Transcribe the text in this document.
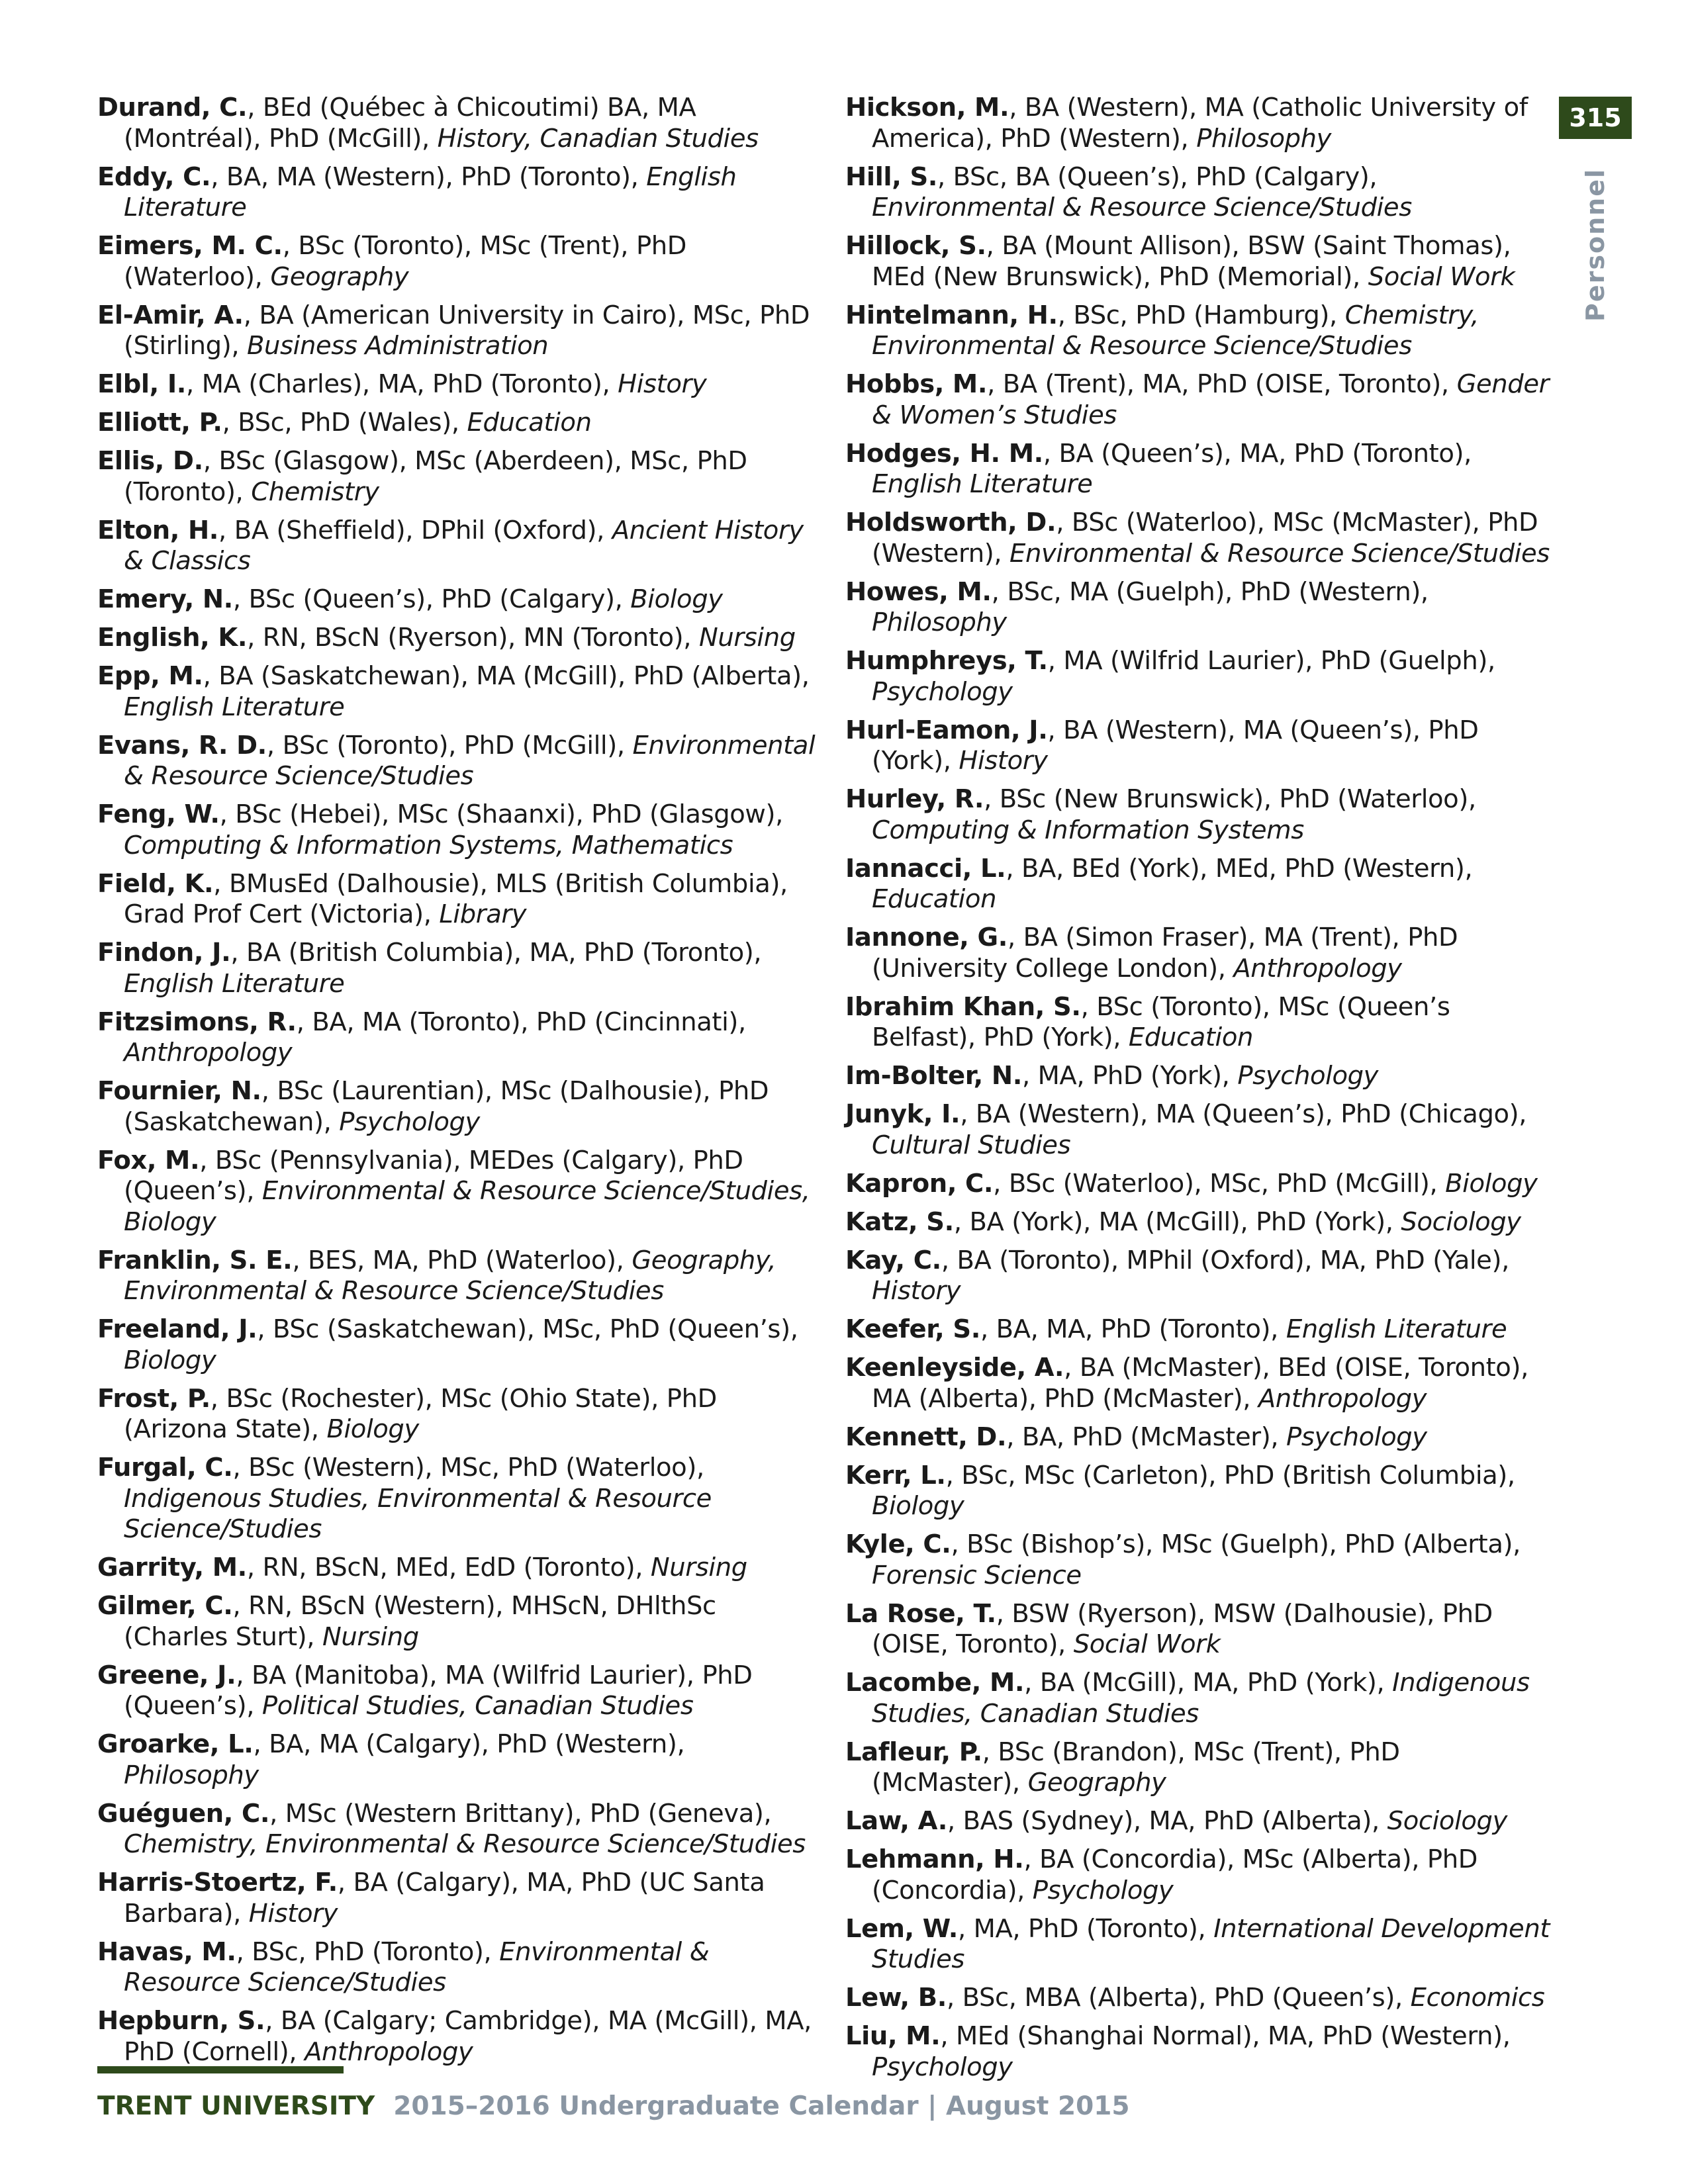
Durand, C., BEd (Québec à Chicoutimi) BA, MA (Montréal), PhD (McGill), History, Canadian Studies
Eddy, C., BA, MA (Western), PhD (Toronto), English Literature
Eimers, M. C., BSc (Toronto), MSc (Trent), PhD (Waterloo), Geography
El-Amir, A., BA (American University in Cairo), MSc, PhD (Stirling), Business Administration
Elbl, I., MA (Charles), MA, PhD (Toronto), History
Elliott, P., BSc, PhD (Wales), Education
Ellis, D., BSc (Glasgow), MSc (Aberdeen), MSc, PhD (Toronto), Chemistry
Elton, H., BA (Sheffield), DPhil (Oxford), Ancient History & Classics
Emery, N., BSc (Queen’s), PhD (Calgary), Biology
English, K., RN, BScN (Ryerson), MN (Toronto), Nursing
Epp, M., BA (Saskatchewan), MA (McGill), PhD (Alberta), English Literature
Evans, R. D., BSc (Toronto), PhD (McGill), Environmental & Resource Science/Studies
Feng, W., BSc (Hebei), MSc (Shaanxi), PhD (Glasgow), Computing & Information Systems, Mathematics
Field, K., BMusEd (Dalhousie), MLS (British Columbia), Grad Prof Cert (Victoria), Library
Findon, J., BA (British Columbia), MA, PhD (Toronto), English Literature
Fitzsimons, R., BA, MA (Toronto), PhD (Cincinnati), Anthropology
Fournier, N., BSc (Laurentian), MSc (Dalhousie), PhD (Saskatchewan), Psychology
Fox, M., BSc (Pennsylvania), MEDes (Calgary), PhD (Queen’s), Environmental & Resource Science/Studies, Biology
Franklin, S. E., BES, MA, PhD (Waterloo), Geography, Environmental & Resource Science/Studies
Freeland, J., BSc (Saskatchewan), MSc, PhD (Queen’s), Biology
Frost, P., BSc (Rochester), MSc (Ohio State), PhD (Arizona State), Biology
Furgal, C., BSc (Western), MSc, PhD (Waterloo), Indigenous Studies, Environmental & Resource Science/Studies
Garrity, M., RN, BScN, MEd, EdD (Toronto), Nursing
Gilmer, C., RN, BScN (Western), MHScN, DHlthSc (Charles Sturt), Nursing
Greene, J., BA (Manitoba), MA (Wilfrid Laurier), PhD (Queen’s), Political Studies, Canadian Studies
Groarke, L., BA, MA (Calgary), PhD (Western), Philosophy
Guéguen, C., MSc (Western Brittany), PhD (Geneva), Chemistry, Environmental & Resource Science/Studies
Harris-Stoertz, F., BA (Calgary), MA, PhD (UC Santa Barbara), History
Havas, M., BSc, PhD (Toronto), Environmental & Resource Science/Studies
Hepburn, S., BA (Calgary; Cambridge), MA (McGill), MA, PhD (Cornell), Anthropology
Hickson, M., BA (Western), MA (Catholic University of America), PhD (Western), Philosophy
Hill, S., BSc, BA (Queen’s), PhD (Calgary), Environmental & Resource Science/Studies
Hillock, S., BA (Mount Allison), BSW (Saint Thomas), MEd (New Brunswick), PhD (Memorial), Social Work
Hintelmann, H., BSc, PhD (Hamburg), Chemistry, Environmental & Resource Science/Studies
Hobbs, M., BA (Trent), MA, PhD (OISE, Toronto), Gender & Women’s Studies
Hodges, H. M., BA (Queen’s), MA, PhD (Toronto), English Literature
Holdsworth, D., BSc (Waterloo), MSc (McMaster), PhD (Western), Environmental & Resource Science/Studies
Howes, M., BSc, MA (Guelph), PhD (Western), Philosophy
Humphreys, T., MA (Wilfrid Laurier), PhD (Guelph), Psychology
Hurl-Eamon, J., BA (Western), MA (Queen’s), PhD (York), History
Hurley, R., BSc (New Brunswick), PhD (Waterloo), Computing & Information Systems
Iannacci, L., BA, BEd (York), MEd, PhD (Western), Education
Iannone, G., BA (Simon Fraser), MA (Trent), PhD (University College London), Anthropology
Ibrahim Khan, S., BSc (Toronto), MSc (Queen’s Belfast), PhD (York), Education
Im-Bolter, N., MA, PhD (York), Psychology
Junyk, I., BA (Western), MA (Queen’s), PhD (Chicago), Cultural Studies
Kapron, C., BSc (Waterloo), MSc, PhD (McGill), Biology
Katz, S., BA (York), MA (McGill), PhD (York), Sociology
Kay, C., BA (Toronto), MPhil (Oxford), MA, PhD (Yale), History
Keefer, S., BA, MA, PhD (Toronto), English Literature
Keenleyside, A., BA (McMaster), BEd (OISE, Toronto), MA (Alberta), PhD (McMaster), Anthropology
Kennett, D., BA, PhD (McMaster), Psychology
Kerr, L., BSc, MSc (Carleton), PhD (British Columbia), Biology
Kyle, C., BSc (Bishop’s), MSc (Guelph), PhD (Alberta), Forensic Science
La Rose, T., BSW (Ryerson), MSW (Dalhousie), PhD (OISE, Toronto), Social Work
Lacombe, M., BA (McGill), MA, PhD (York), Indigenous Studies, Canadian Studies
Lafleur, P., BSc (Brandon), MSc (Trent), PhD (McMaster), Geography
Law, A., BAS (Sydney), MA, PhD (Alberta), Sociology
Lehmann, H., BA (Concordia), MSc (Alberta), PhD (Concordia), Psychology
Lem, W., MA, PhD (Toronto), International Development Studies
Lew, B., BSc, MBA (Alberta), PhD (Queen’s), Economics
Liu, M., MEd (Shanghai Normal), MA, PhD (Western), Psychology
315
Personnel
TRENT UNIVERSITY 2015–2016 Undergraduate Calendar | August 2015
